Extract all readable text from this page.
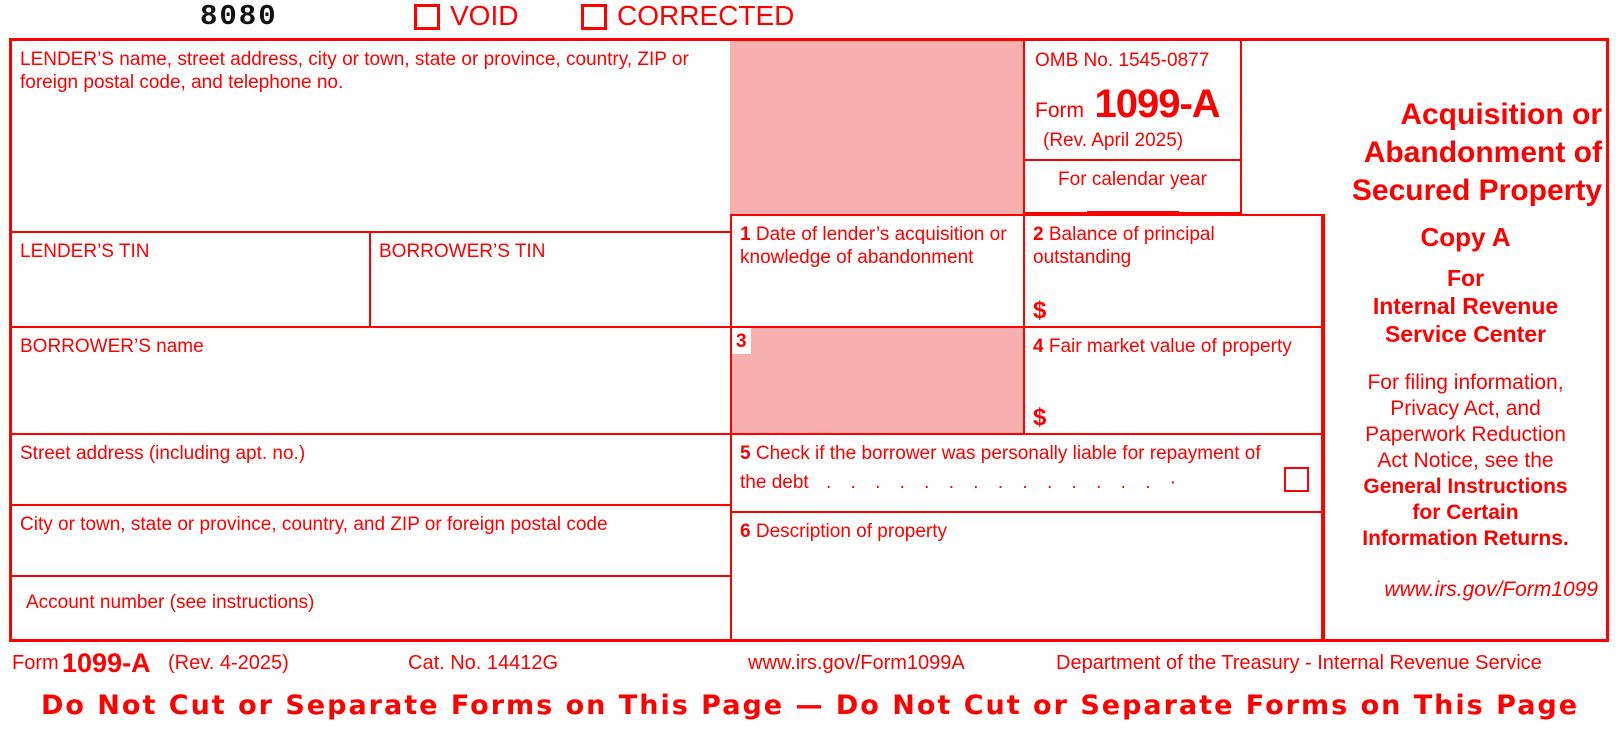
8080	VOID	CORRECTED
LENDER’S name, street address, city or town, state or province, country, ZIP or foreign postal code, and telephone no.
OMB No. 1545-0877
Form 1099-A
(Rev. April 2025)
For calendar year
Acquisition or
Abandonment of
Secured Property
Copy A
For
Internal Revenue
Service Center
For filing information,
Privacy Act, and
Paperwork Reduction
Act Notice, see the
General Instructions
for Certain
Information Returns.
www.irs.gov/Form1099
1 Date of lender’s acquisition or knowledge of abandonment
2 Balance of principal outstanding
$
LENDER’S TIN	BORROWER’S TIN
BORROWER’S name	3	4 Fair market value of property
$
Street address (including apt. no.)	5 Check if the borrower was personally liable for repayment of
the debt . . . . . . . . . . . . . . ·
City or town, state or province, country, and ZIP or foreign postal code	6 Description of property
Account number (see instructions)
Form 1099-A (Rev. 4-2025)	Cat. No. 14412G	www.irs.gov/Form1099A	Department of the Treasury - Internal Revenue Service
Do Not Cut or Separate Forms on This Page — Do Not Cut or Separate Forms on This Page
